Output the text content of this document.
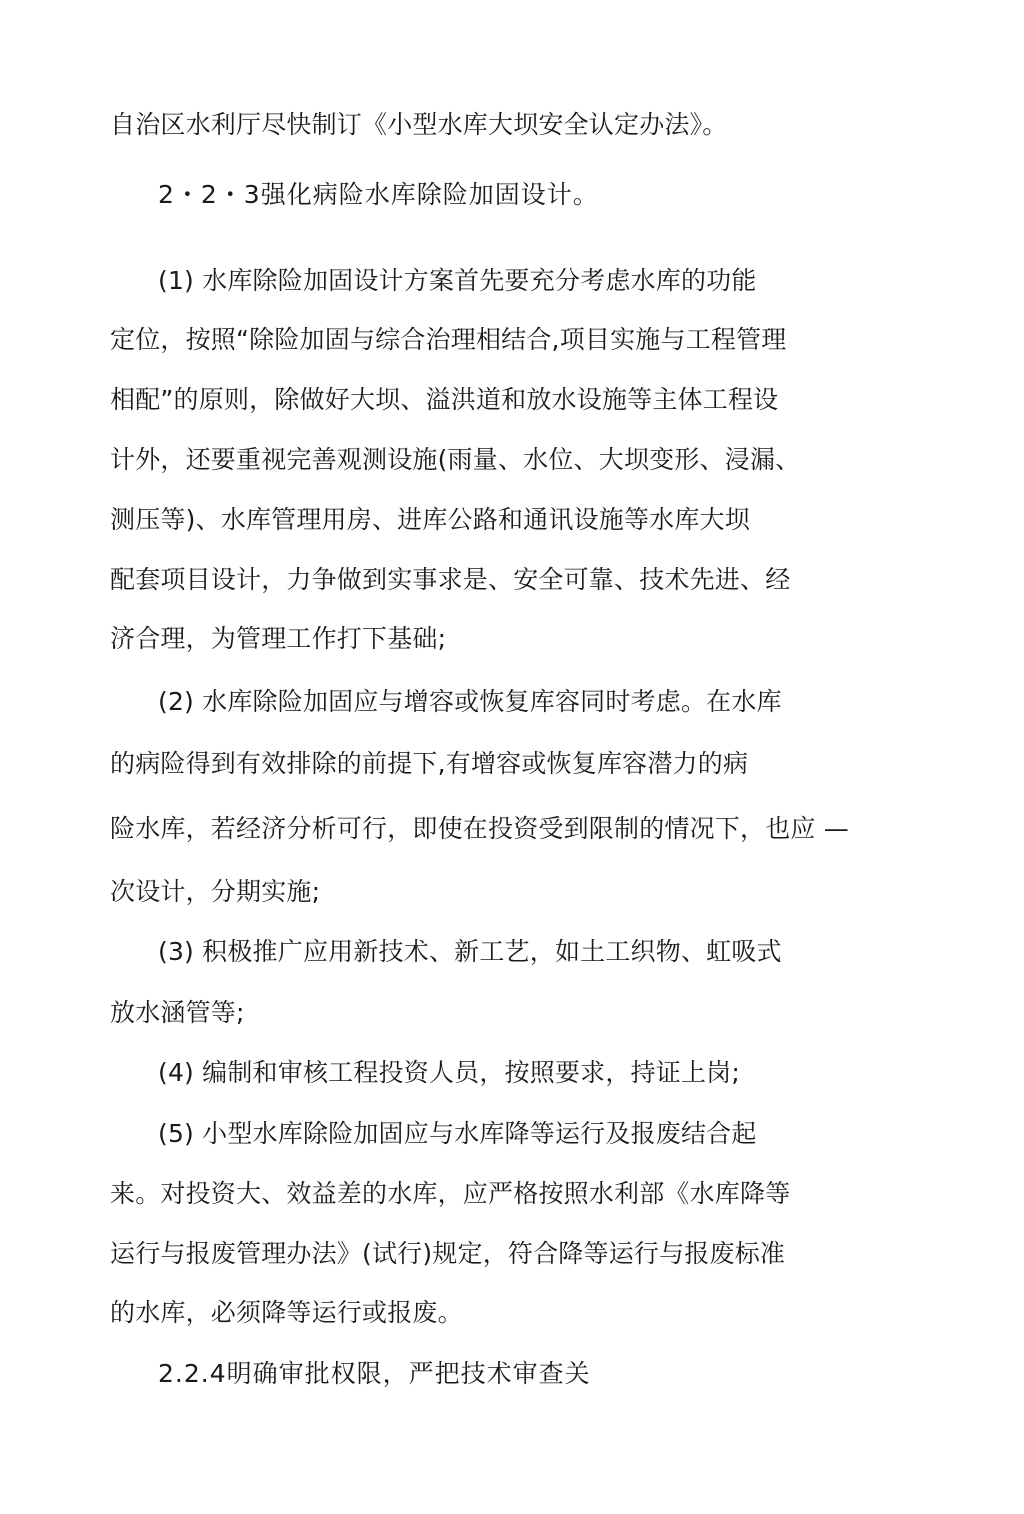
自治区水利厅尽快制订《小型水库大坝安全认定办法》。
2・2・3强化病险水库除险加固设计。
(1) 水库除险加固设计方案首先要充分考虑水库的功能
定位，按照“除险加固与综合治理相结合,项目实施与工程管理
相配”的原则，除做好大坝、溢洪道和放水设施等主体工程设
计外，还要重视完善观测设施(雨量、水位、大坝变形、浸漏、
测压等)、水库管理用房、进库公路和通讯设施等水库大坝
配套项目设计，力争做到实事求是、安全可靠、技术先进、经
济合理，为管理工作打下基础;
(2) 水库除险加固应与增容或恢复库容同时考虑。在水库
的病险得到有效排除的前提下,有增容或恢复库容潜力的病
险水库，若经济分析可行，即使在投资受到限制的情况下，也应 —
次设计，分期实施;
(3) 积极推广应用新技术、新工艺，如土工织物、虹吸式
放水涵管等;
(4) 编制和审核工程投资人员，按照要求，持证上岗;
(5) 小型水库除险加固应与水库降等运行及报废结合起
来。对投资大、效益差的水库，应严格按照水利部《水库降等
运行与报废管理办法》(试行)规定，符合降等运行与报废标准
的水库，必须降等运行或报废。
2.2.4明确审批权限，严把技术审查关
